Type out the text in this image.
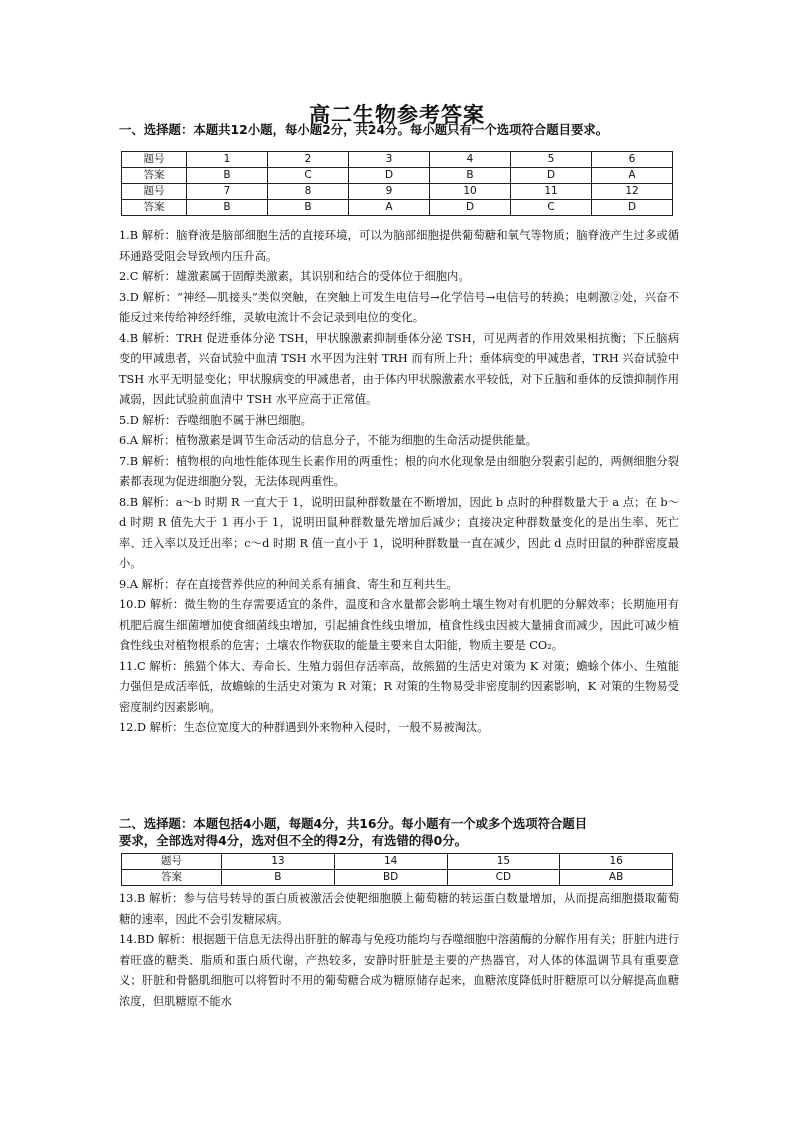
高二生物参考答案
一、选择题：本题共12小题，每小题2分，共24分。每小题只有一个选项符合题目要求。
题号	1	2	3	4	5	6
答案	B	C	D	B	D	A
题号	7	8	9	10	11	12
答案	B	B	A	D	C	D

1.B 解析：脑脊液是脑部细胞生活的直接环境，可以为脑部细胞提供葡萄糖和氧气等物质；脑脊液产生过多或循环通路受阻会导致颅内压升高。

2.C 解析：雄激素属于固醇类激素，其识别和结合的受体位于细胞内。

3.D 解析：“神经—肌接头”类似突触，在突触上可发生电信号→化学信号→电信号的转换；电刺激②处，兴奋不能反过来传给神经纤维，灵敏电流计不会记录到电位的变化。

4.B 解析：TRH 促进垂体分泌 TSH，甲状腺激素抑制垂体分泌 TSH，可见两者的作用效果相抗衡；下丘脑病变的甲减患者，兴奋试验中血清 TSH 水平因为注射 TRH 而有所上升；垂体病变的甲减患者，TRH 兴奋试验中 TSH 水平无明显变化；甲状腺病变的甲减患者，由于体内甲状腺激素水平较低，对下丘脑和垂体的反馈抑制作用减弱，因此试验前血清中 TSH 水平应高于正常值。

5.D 解析：吞噬细胞不属于淋巴细胞。

6.A 解析：植物激素是调节生命活动的信息分子，不能为细胞的生命活动提供能量。

7.B 解析：植物根的向地性能体现生长素作用的两重性；根的向水化现象是由细胞分裂素引起的，两侧细胞分裂素都表现为促进细胞分裂，无法体现两重性。

8.B 解析：a～b 时期 R 一直大于 1，说明田鼠种群数量在不断增加，因此 b 点时的种群数量大于 a 点；在 b～d 时期 R 值先大于 1 再小于 1，说明田鼠种群数量先增加后减少；直接决定种群数量变化的是出生率、死亡率、迁入率以及迁出率；c～d 时期 R 值一直小于 1，说明种群数量一直在减少，因此 d 点时田鼠的种群密度最小。

9.A 解析：存在直接营养供应的种间关系有捕食、寄生和互利共生。

10.D 解析：微生物的生存需要适宜的条件，温度和含水量都会影响土壤生物对有机肥的分解效率；长期施用有机肥后腐生细菌增加使食细菌线虫增加，引起捕食性线虫增加，植食性线虫因被大量捕食而减少，因此可减少植食性线虫对植物根系的危害；土壤农作物获取的能量主要来自太阳能，物质主要是 CO₂。

11.C 解析：熊猫个体大、寿命长、生殖力弱但存活率高，故熊猫的生活史对策为 K 对策；蟾蜍个体小、生殖能力强但是成活率低，故蟾蜍的生活史对策为 R 对策；R 对策的生物易受非密度制约因素影响，K 对策的生物易受密度制约因素影响。

12.D 解析：生态位宽度大的种群遇到外来物种入侵时，一般不易被淘汰。

二、选择题：本题包括4小题，每题4分，共16分。每小题有一个或多个选项符合题目
要求，全部选对得4分，选对但不全的得2分，有选错的得0分。
题号	13	14	15	16
答案	B	BD	CD	AB

13.B 解析：参与信号转导的蛋白质被激活会使靶细胞膜上葡萄糖的转运蛋白数量增加，从而提高细胞摄取葡萄糖的速率，因此不会引发糖尿病。

14.BD 解析：根据题干信息无法得出肝脏的解毒与免疫功能均与吞噬细胞中溶菌酶的分解作用有关；肝脏内进行着旺盛的糖类、脂质和蛋白质代谢，产热较多，安静时肝脏是主要的产热器官，对人体的体温调节具有重要意义；肝脏和骨骼肌细胞可以将暂时不用的葡萄糖合成为糖原储存起来，血糖浓度降低时肝糖原可以分解提高血糖浓度，但肌糖原不能水
